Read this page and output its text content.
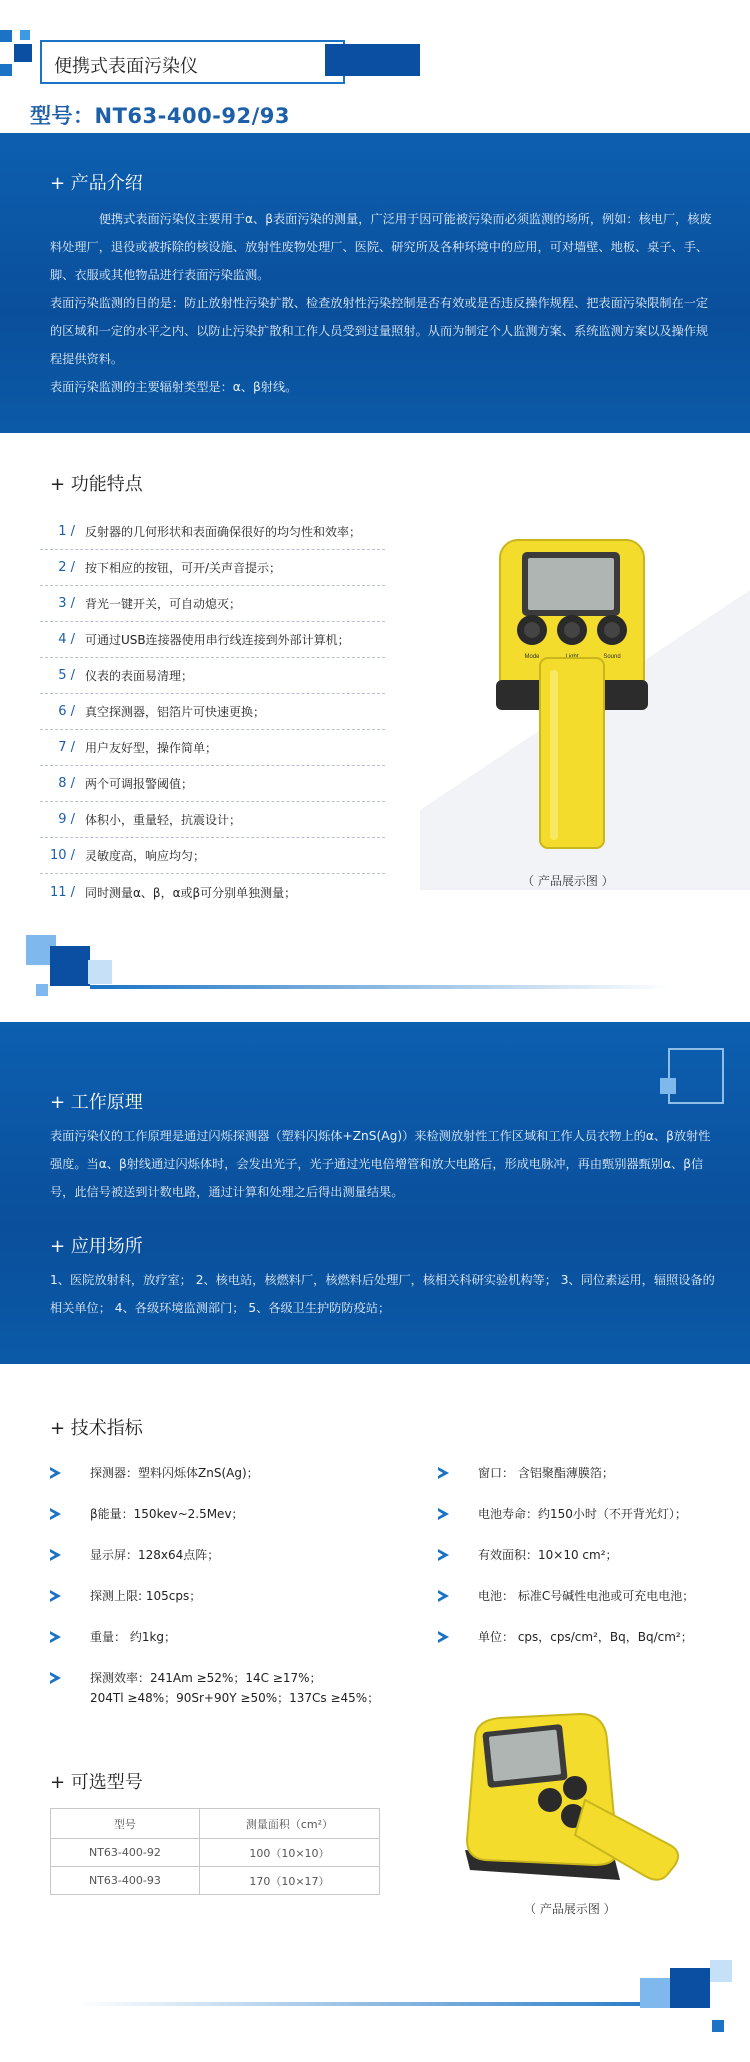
便携式表面污染仪
型号：NT63-400-92/93
+ 产品介绍

　　　　便携式表面污染仪主要用于α、β表面污染的测量，广泛用于因可能被污染而必须监测的场所，例如：核电厂，核废料处理厂，退役或被拆除的核设施、放射性废物处理厂、医院、研究所及各种环境中的应用，可对墙壁、地板、桌子、手、脚、衣服或其他物品进行表面污染监测。

表面污染监测的目的是：防止放射性污染扩散、检查放射性污染控制是否有效或是否违反操作规程、把表面污染限制在一定的区域和一定的水平之内、以防止污染扩散和工作人员受到过量照射。从而为制定个人监测方案、系统监测方案以及操作规程提供资料。

表面污染监测的主要辐射类型是：α、β射线。

+ 功能特点
1 / 反射器的几何形状和表面确保很好的均匀性和效率；
2 / 按下相应的按钮，可开/关声音提示；
3 / 背光一键开关，可自动熄灭；
4 / 可通过USB连接器使用串行线连接到外部计算机；
5 / 仪表的表面易清理；
6 / 真空探测器，铝箔片可快速更换；
7 / 用户友好型，操作简单；
8 / 两个可调报警阈值；
9 / 体积小，重量轻，抗震设计；
10 / 灵敏度高，响应均匀；
11 / 同时测量α、β，α或β可分别单独测量；
Mode	Sound
（ 产品展示图 ）
+ 工作原理

表面污染仪的工作原理是通过闪烁探测器（塑料闪烁体+ZnS(Ag)）来检测放射性工作区域和工作人员衣物上的α、β放射性强度。当α、β射线通过闪烁体时，会发出光子，光子通过光电倍增管和放大电路后，形成电脉冲，再由甄别器甄别α、β信号，此信号被送到计数电路，通过计算和处理之后得出测量结果。

+ 应用场所

1、医院放射科，放疗室； 2、核电站，核燃料厂，核燃料后处理厂，核相关科研实验机构等； 3、同位素运用，辐照设备的相关单位； 4、各级环境监测部门； 5、各级卫生护防防疫站；

+ 技术指标
探测器：塑料闪烁体ZnS(Ag)；
β能量：150kev~2.5Mev；
显示屏：128x64点阵；
探测上限: 105cps；
重量： 约1kg；
探测效率：241Am ≥52%；14C ≥17%；
204Tl ≥48%；90Sr+90Y ≥50%；137Cs ≥45%；
窗口： 含铝聚酯薄膜箔；
电池寿命：约150小时（不开背光灯）；
有效面积：10×10 cm²；
电池： 标准C号碱性电池或可充电电池；
单位： cps，cps/cm²，Bq，Bq/cm²；
+ 可选型号
型号	测量面积（cm²）
NT63-400-92	100（10×10）
NT63-400-93	170（10×17）
（ 产品展示图 ）
